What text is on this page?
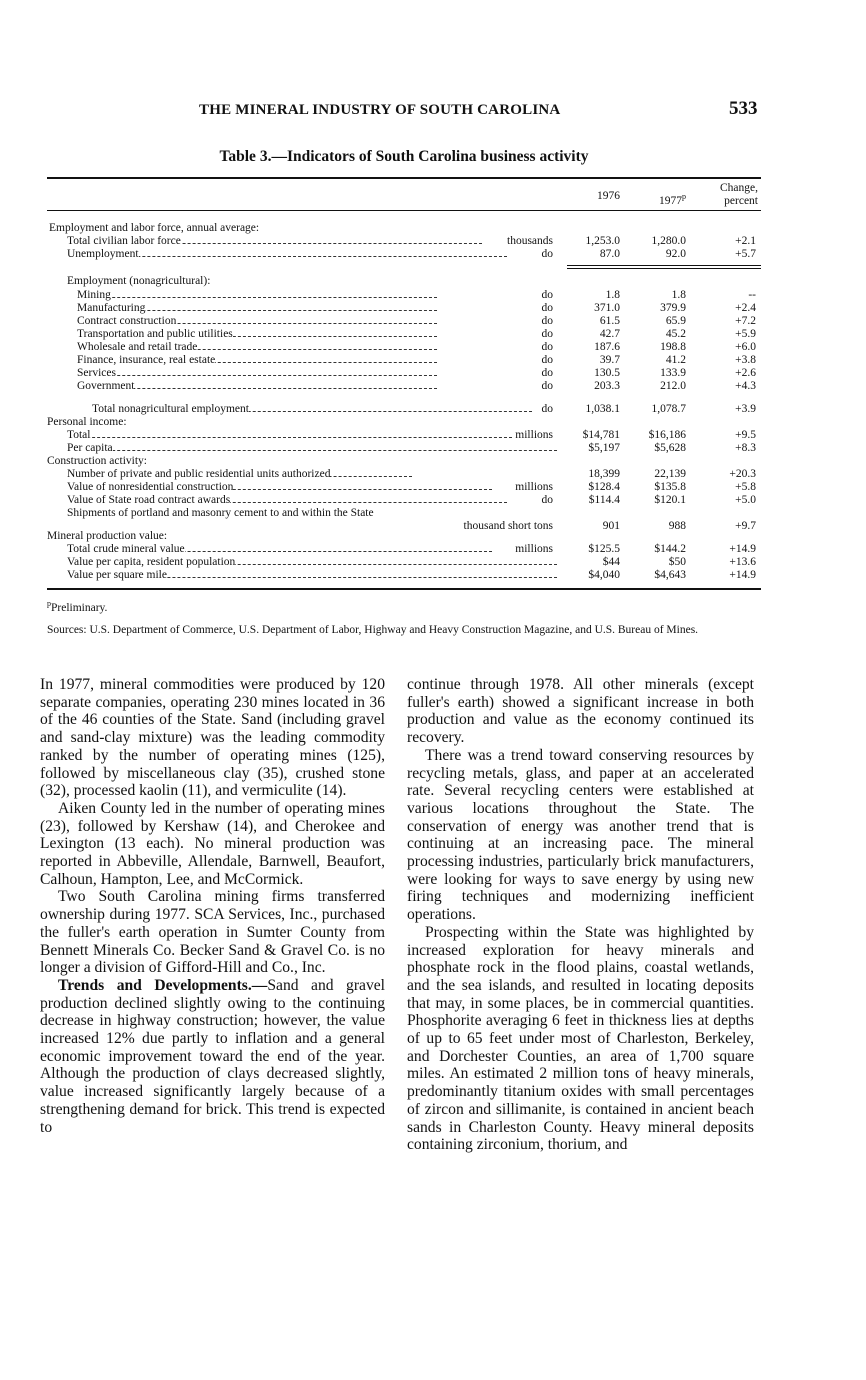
THE MINERAL INDUSTRY OF SOUTH CAROLINA	533
Table 3.—Indicators of South Carolina business activity
1976	1977$^p$
Change,
percent
Employment and labor force, annual average:
Total civilian labor force	thousands	1,253.0	1,280.0	+2.1
Unemployment	do	87.0	92.0	+5.7
Employment (nonagricultural):
Mining	do	1.8	1.8	--
Manufacturing	do	371.0	379.9	+2.4
Contract construction	do	61.5	65.9	+7.2
Transportation and public utilities	do	42.7	45.2	+5.9
Wholesale and retail trade	do	187.6	198.8	+6.0
Finance, insurance, real estate	do	39.7	41.2	+3.8
Services	do	130.5	133.9	+2.6
Government	do	203.3	212.0	+4.3
Total nonagricultural employment	do	1,038.1	1,078.7	+3.9
Personal income:
Total	millions	$14,781	$16,186	+9.5
Per capita	$5,197	$5,628	+8.3
Construction activity:
Number of private and public residential units authorized	18,399	22,139	+20.3
Value of nonresidential construction	millions	$128.4	$135.8	+5.8
Value of State road contract awards	do	$114.4	$120.1	+5.0
Shipments of portland and masonry cement to and within the State
thousand short tons	901	988	+9.7
Mineral production value:
Total crude mineral value	millions	$125.5	$144.2	+14.9
Value per capita, resident population	$44	$50	+13.6
Value per square mile	$4,040	$4,643	+14.9
$^p$Preliminary.
Sources: U.S. Department of Commerce, U.S. Department of Labor, Highway and Heavy Construction Magazine, and U.S. Bureau of Mines.

In 1977, mineral commodities were produced by 120 separate companies, operating 230 mines located in 36 of the 46 counties of the State. Sand (including gravel and sand-clay mixture) was the leading commodity ranked by the number of operating mines (125), followed by miscellaneous clay (35), crushed stone (32), processed kaolin (11), and vermiculite (14).

Aiken County led in the number of operating mines (23), followed by Kershaw (14), and Cherokee and Lexington (13 each). No mineral production was reported in Abbeville, Allendale, Barnwell, Beaufort, Calhoun, Hampton, Lee, and McCormick.

Two South Carolina mining firms transferred ownership during 1977. SCA Services, Inc., purchased the fuller's earth operation in Sumter County from Bennett Minerals Co. Becker Sand & Gravel Co. is no longer a division of Gifford-Hill and Co., Inc.

Trends and Developments.—Sand and gravel production declined slightly owing to the continuing decrease in highway construction; however, the value increased 12% due partly to inflation and a general economic improvement toward the end of the year. Although the production of clays decreased slightly, value increased significantly largely because of a strengthening demand for brick. This trend is expected to

continue through 1978. All other minerals (except fuller's earth) showed a significant increase in both production and value as the economy continued its recovery.

There was a trend toward conserving resources by recycling metals, glass, and paper at an accelerated rate. Several recycling centers were established at various locations throughout the State. The conservation of energy was another trend that is continuing at an increasing pace. The mineral processing industries, particularly brick manufacturers, were looking for ways to save energy by using new firing techniques and modernizing inefficient operations.

Prospecting within the State was highlighted by increased exploration for heavy minerals and phosphate rock in the flood plains, coastal wetlands, and the sea islands, and resulted in locating deposits that may, in some places, be in commercial quantities. Phosphorite averaging 6 feet in thickness lies at depths of up to 65 feet under most of Charleston, Berkeley, and Dorchester Counties, an area of 1,700 square miles. An estimated 2 million tons of heavy minerals, predominantly titanium oxides with small percentages of zircon and sillimanite, is contained in ancient beach sands in Charleston County. Heavy mineral deposits containing zirconium, thorium, and
